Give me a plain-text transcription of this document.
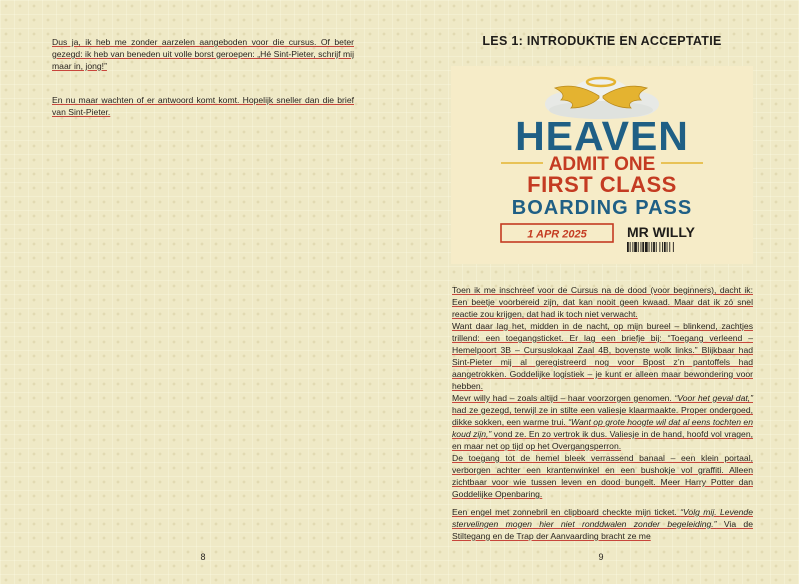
Dus ja, ik heb me zonder aarzelen aangeboden voor die cursus. Of beter gezegd: ik heb van beneden uit volle borst geroepen: „Hé Sint-Pieter, schrijf mij maar in, jong!”

En nu maar wachten of er antwoord komt komt. Hopelijk sneller dan die brief van Sint-Pieter.

8
LES 1: INTRODUKTIE EN ACCEPTATIE
HEAVEN
ADMIT ONE
FIRST CLASS
BOARDING PASS
1 APR 2025	MR WILLY

Toen ik me inschreef voor de Cursus na de dood (voor beginners), dacht ik: Een beetje voorbereid zijn, dat kan nooit geen kwaad. Maar dat ik zó snel reactie zou krijgen, dat had ik toch niet verwacht.

Want daar lag het, midden in de nacht, op mijn bureel – blinkend, zachtjes trillend: een toegangsticket. Er lag een briefje bij: “Toegang verleend – Hemelpoort 3B – Cursuslokaal Zaal 4B, bovenste wolk links.” Blijkbaar had Sint-Pieter mij al geregistreerd nog voor Bpost z’n pantoffels had aangetrokken. Goddelijke logistiek – je kunt er alleen maar bewondering voor hebben.

Mevr willy had – zoals altijd – haar voorzorgen genomen. “Voor het geval dat,” had ze gezegd, terwijl ze in stilte een valiesje klaarmaakte. Proper ondergoed, dikke sokken, een warme trui. “Want op grote hoogte wil dat al eens tochten en koud zijn,” vond ze. En zo vertrok ik dus. Valiesje in de hand, hoofd vol vragen, en maar net op tijd op het Overgangsperron.

De toegang tot de hemel bleek verrassend banaal – een klein portaal, verborgen achter een krantenwinkel en een bushokje vol graffiti. Alleen zichtbaar voor wie tussen leven en dood bungelt. Meer Harry Potter dan Goddelijke Openbaring.

Een engel met zonnebril en clipboard checkte mijn ticket. “Volg mij. Levende stervelingen mogen hier niet ronddwalen zonder begeleiding.” Via de Stiltegang en de Trap der Aanvaarding bracht ze me

9
